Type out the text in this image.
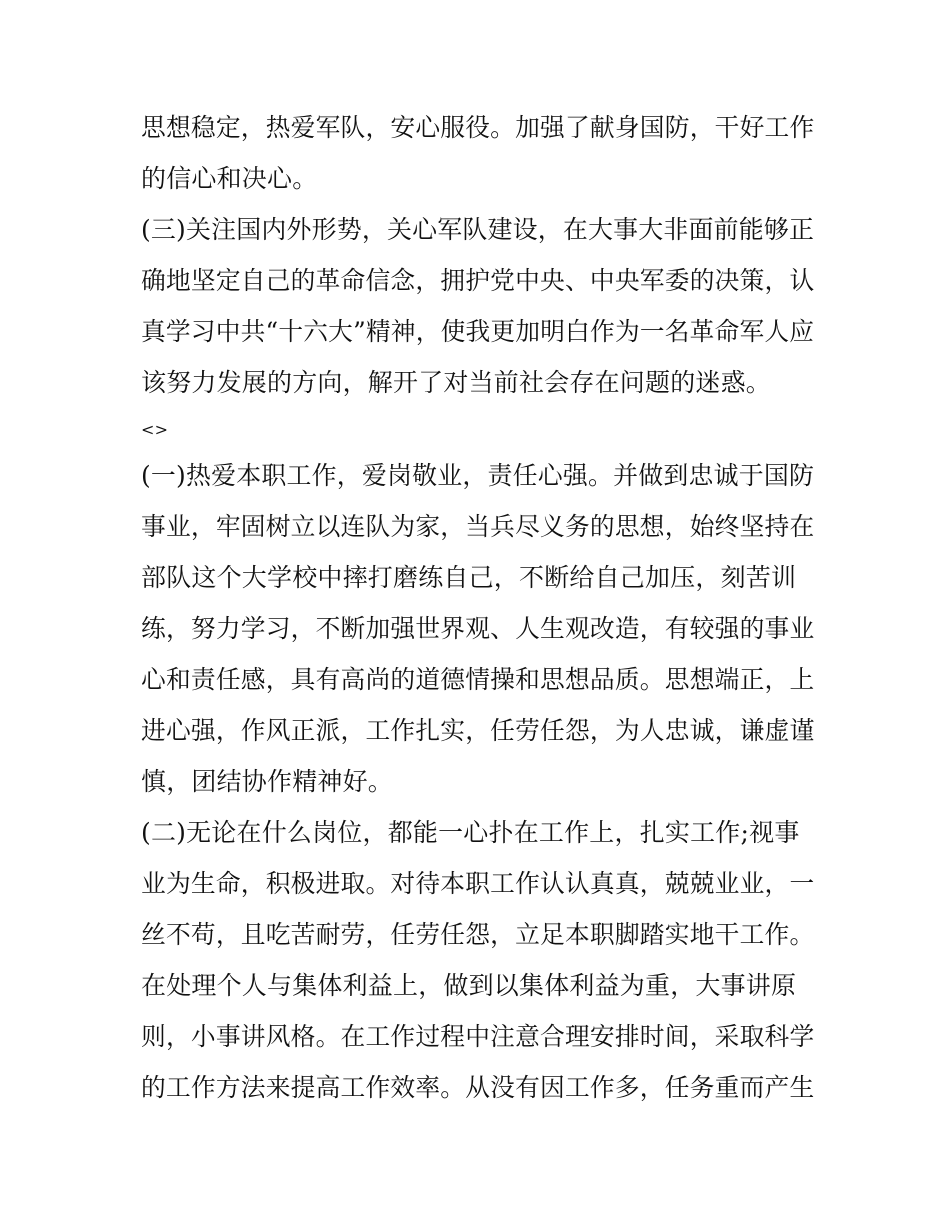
思想稳定，热爱军队，安心服役。加强了献身国防，干好工作
的信心和决心。
(三)关注国内外形势，关心军队建设，在大事大非面前能够正
确地坚定自己的革命信念，拥护党中央、中央军委的决策，认
真学习中共“十六大”精神，使我更加明白作为一名革命军人应
该努力发展的方向，解开了对当前社会存在问题的迷惑。
<>
(一)热爱本职工作，爱岗敬业，责任心强。并做到忠诚于国防
事业，牢固树立以连队为家，当兵尽义务的思想，始终坚持在
部队这个大学校中摔打磨练自己，不断给自己加压，刻苦训
练，努力学习，不断加强世界观、人生观改造，有较强的事业
心和责任感，具有高尚的道德情操和思想品质。思想端正，上
进心强，作风正派，工作扎实，任劳任怨，为人忠诚，谦虚谨
慎，团结协作精神好。
(二)无论在什么岗位，都能一心扑在工作上，扎实工作;视事
业为生命，积极进取。对待本职工作认认真真，兢兢业业，一
丝不苟，且吃苦耐劳，任劳任怨，立足本职脚踏实地干工作。
在处理个人与集体利益上，做到以集体利益为重，大事讲原
则，小事讲风格。在工作过程中注意合理安排时间，采取科学
的工作方法来提高工作效率。从没有因工作多，任务重而产生
